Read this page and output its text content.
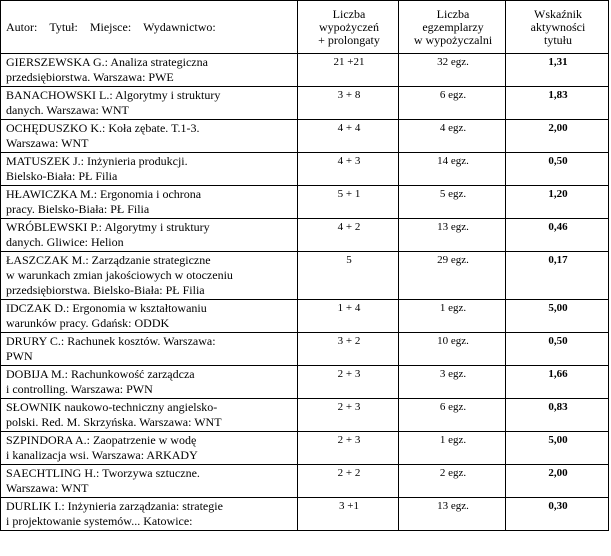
Autor: Tytuł: Miejsce: Wydawnictwo:	Liczba
wypożyczeń
+ prolongaty	Liczba
egzemplarzy
w wypożyczalni	Wskaźnik
aktywności
tytułu
GIERSZEWSKA G.: Analiza strategiczna
przedsiębiorstwa. Warszawa: PWE	21 +21	32 egz.	1,31
BANACHOWSKI L.: Algorytmy i struktury
danych. Warszawa: WNT	3 + 8	6 egz.	1,83
OCHĘDUSZKO K.: Koła zębate. T.1-3.
Warszawa: WNT	4 + 4	4 egz.	2,00
MATUSZEK J.: Inżynieria produkcji.
Bielsko-Biała: PŁ Filia	4 + 3	14 egz.	0,50
HŁAWICZKA M.: Ergonomia i ochrona
pracy. Bielsko-Biała: PŁ Filia	5 + 1	5 egz.	1,20
WRÓBLEWSKI P.: Algorytmy i struktury
danych. Gliwice: Helion	4 + 2	13 egz.	0,46
ŁASZCZAK M.: Zarządzanie strategiczne
w warunkach zmian jakościowych w otoczeniu
przedsiębiorstwa. Bielsko-Biała: PŁ Filia	5	29 egz.	0,17
IDCZAK D.: Ergonomia w kształtowaniu
warunków pracy. Gdańsk: ODDK	1 + 4	1 egz.	5,00
DRURY C.: Rachunek kosztów. Warszawa:
PWN	3 + 2	10 egz.	0,50
DOBIJA M.: Rachunkowość zarządcza
i controlling. Warszawa: PWN	2 + 3	3 egz.	1,66
SŁOWNIK naukowo-techniczny angielsko-
polski. Red. M. Skrzyńska. Warszawa: WNT	2 + 3	6 egz.	0,83
SZPINDORA A.: Zaopatrzenie w wodę
i kanalizacja wsi. Warszawa: ARKADY	2 + 3	1 egz.	5,00
SAECHTLING H.: Tworzywa sztuczne.
Warszawa: WNT	2 + 2	2 egz.	2,00
DURLIK I.: Inżynieria zarządzania: strategie
i projektowanie systemów... Katowice:	3 +1	13 egz.	0,30
